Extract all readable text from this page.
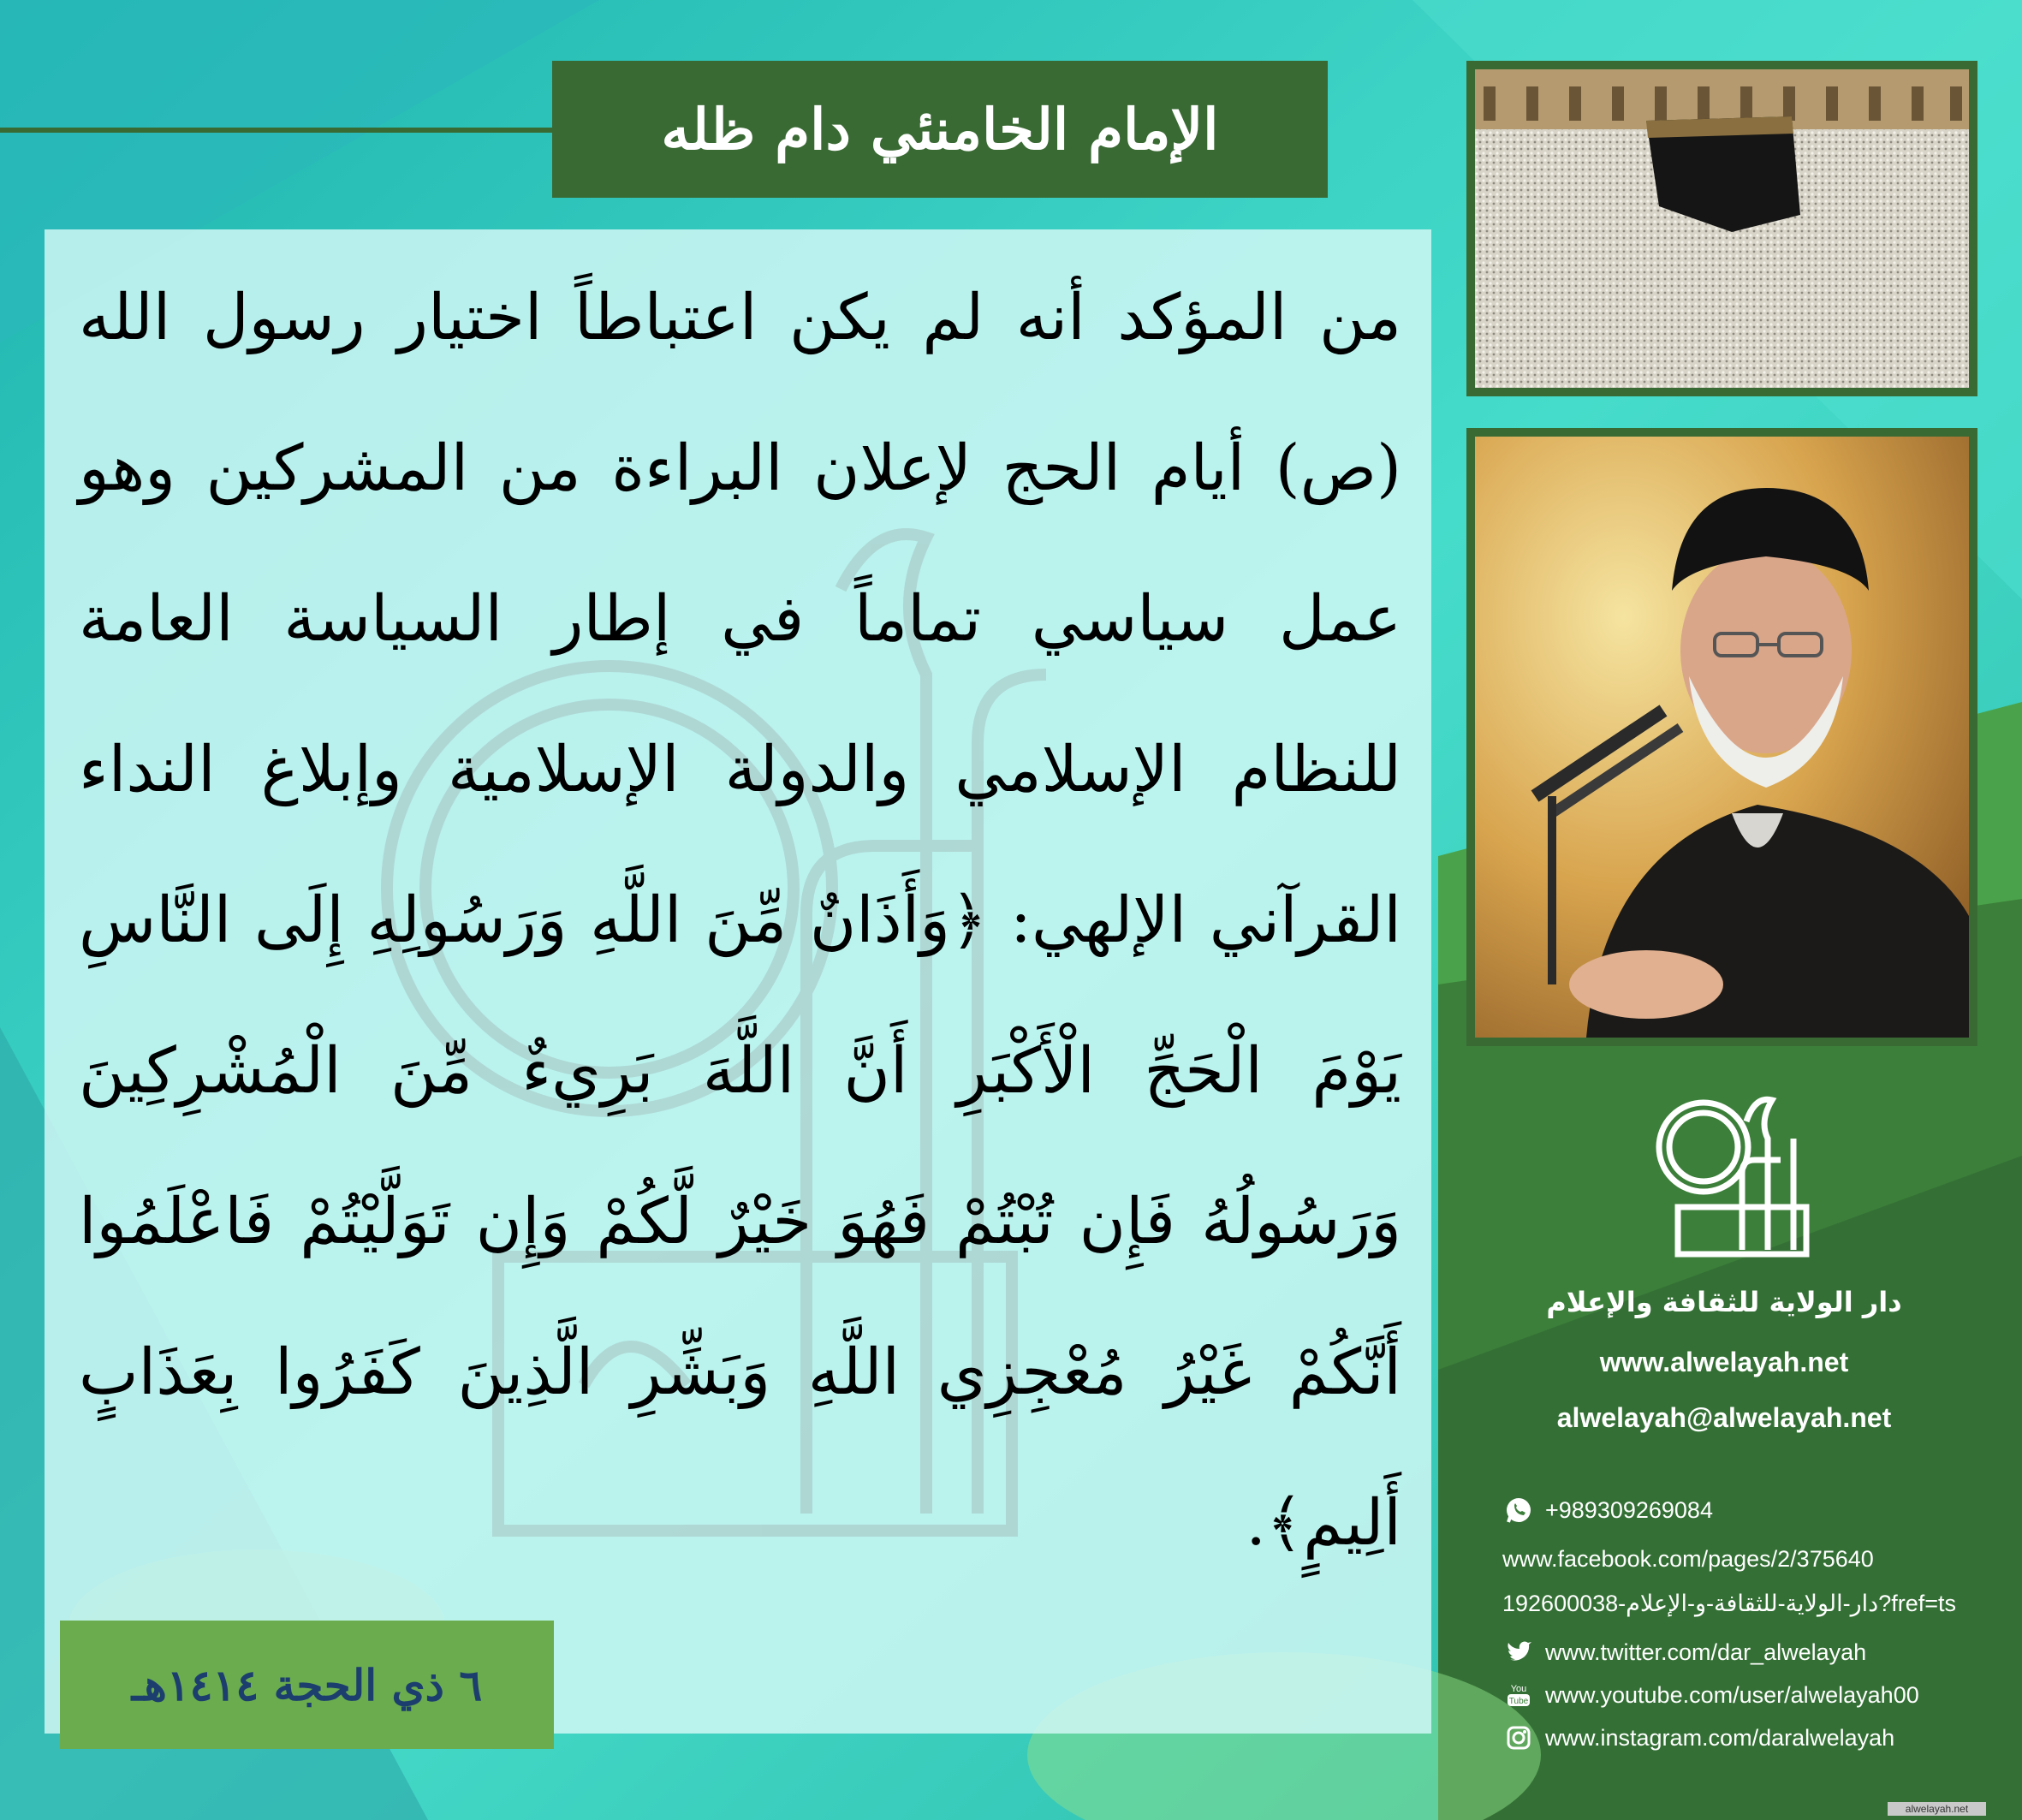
الإمام الخامنئي دام ظله
من المؤكد أنه لم يكن اعتباطاً اختيار رسول الله (ص) أيام الحج لإعلان البراءة من المشركين وهو عمل سياسي تماماً في إطار السياسة العامة للنظام الإسلامي والدولة الإسلامية وإبلاغ النداء القرآني الإلهي: ﴿وَأَذَانٌ مِّنَ اللَّهِ وَرَسُولِهِ إِلَى النَّاسِ يَوْمَ الْحَجِّ الْأَكْبَرِ أَنَّ اللَّهَ بَرِيءٌ مِّنَ الْمُشْرِكِينَ وَرَسُولُهُ فَإِن تُبْتُمْ فَهُوَ خَيْرٌ لَّكُمْ وَإِن تَوَلَّيْتُمْ فَاعْلَمُوا أَنَّكُمْ غَيْرُ مُعْجِزِي اللَّهِ وَبَشِّرِ الَّذِينَ كَفَرُوا بِعَذَابٍ أَلِيمٍ﴾.
٦ ذي الحجة ١٤١٤هـ
دار الولاية للثقافة والإعلام
www.alwelayah.net
alwelayah@alwelayah.net
+989309269084
www.facebook.com/pages/2/375640
192600038-دار-الولاية-للثقافة-و-الإعلام?fref=ts
www.twitter.com/dar_alwelayah
You
Tube www.youtube.com/user/alwelayah00
www.instagram.com/daralwelayah
alwelayah.net
